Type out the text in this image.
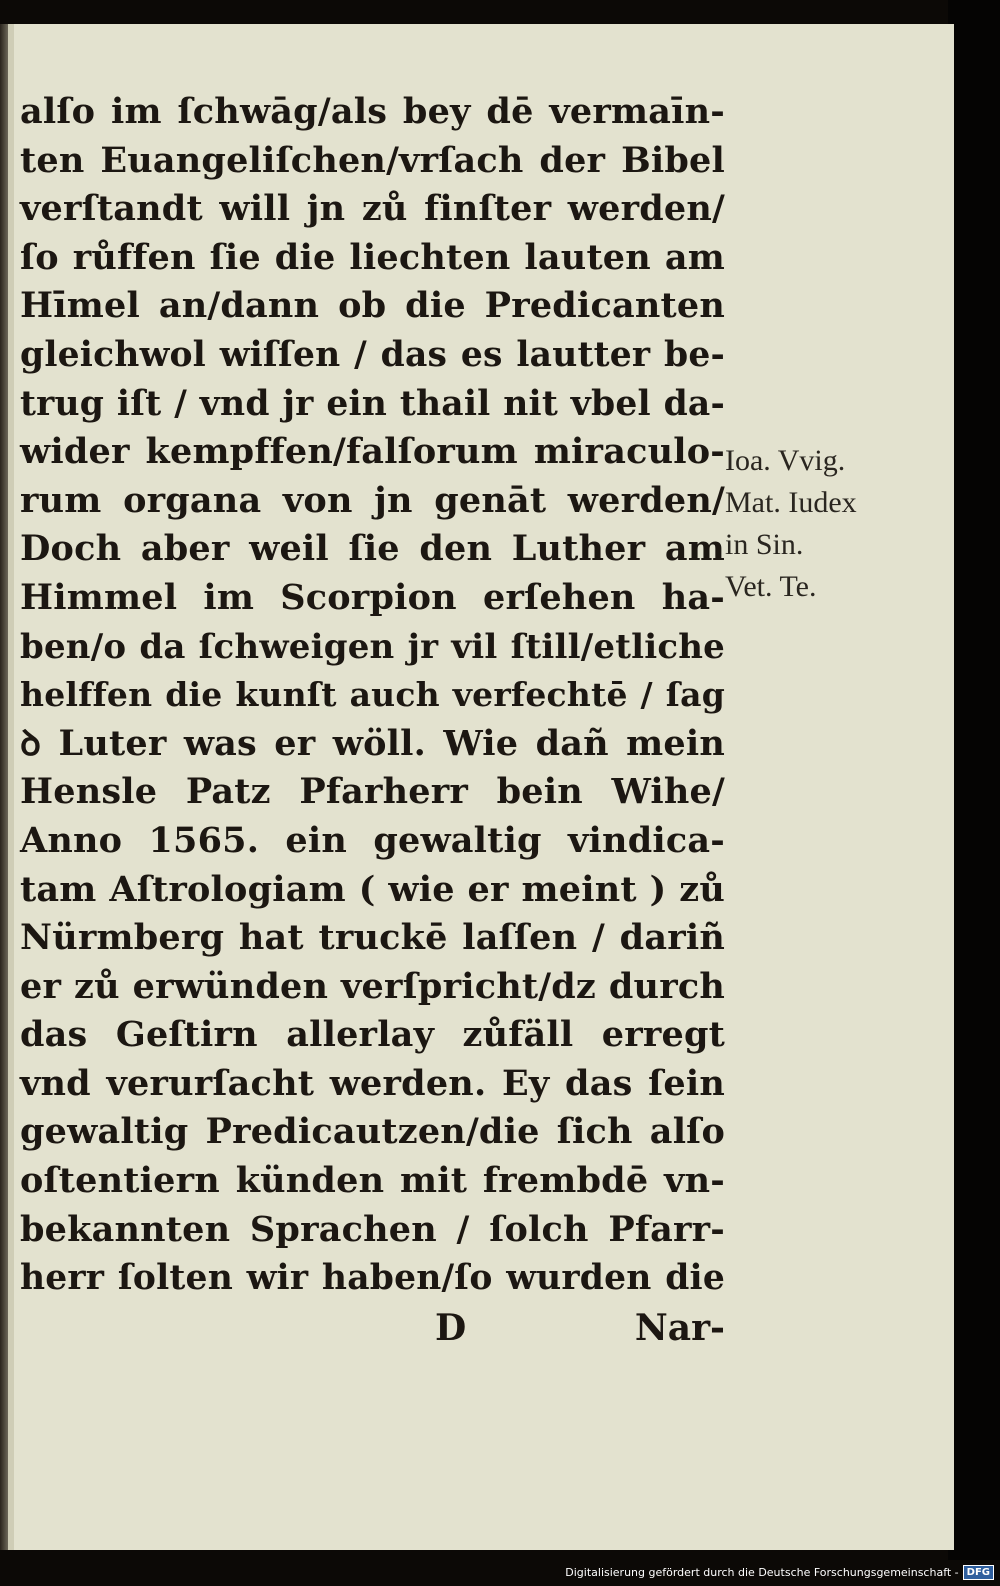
alſo im ſchwāg/als bey dē vermaīn-
ten Euangeliſchen/vrſach der Bibel
verſtandt will jn zů finſter werden/
ſo růffen ſie die liechten lauten am
Hīmel an/dann ob die Predicanten
gleichwol wiſſen / das es lautter be-
trug iſt / vnd jr ein thail nit vbel da-
wider kempffen/falſorum miraculo-
rum organa von jn genāt werden/
Doch aber weil ſie den Luther am
Himmel im Scorpion erſehen ha-
ben/o da ſchweigen jr vil ſtill/etliche
helffen die kunſt auch verfechtē / ſag
ꝺ Luter was er wöll. Wie dañ mein
Hensle Patz Pfarherr bein Wihe/
Anno 1565. ein gewaltig vindica-
tam Aſtrologiam ( wie er meint ) zů
Nürmberg hat truckē laſſen / dariñ
er zů erwünden verſpricht/dz durch
das Geſtirn allerlay zůfäll erregt
vnd verurſacht werden. Ey das ſein
gewaltig Predicautzen/die ſich alſo
oſtentiern künden mit frembdē vn-
bekannten Sprachen / ſolch Pfarr-
herr ſolten wir haben/ſo wurden die
D	Nar-
Ioa. Vvig.
Mat. Iudex
in Sin.
Vet. Te.
Digitalisierung gefördert durch die Deutsche Forschungsgemeinschaft - DFG
